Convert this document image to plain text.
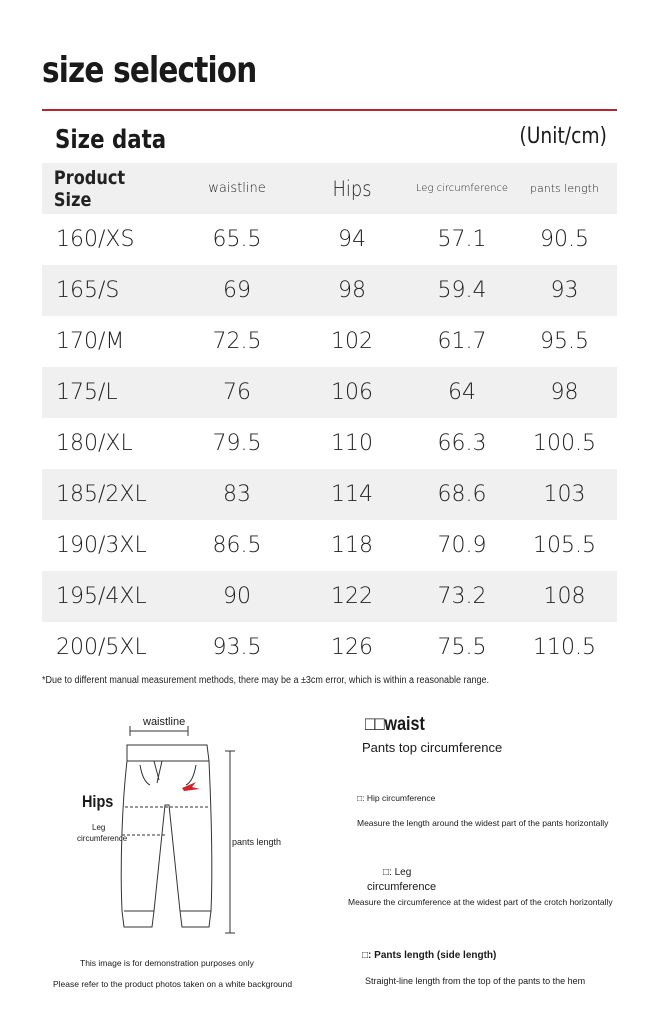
size selection
Size data	(Unit/cm)
Product Size	waistline	Hips	Leg circumference	pants length
160/XS	65.5	94	57.1	90.5
165/S	69	98	59.4	93
170/M	72.5	102	61.7	95.5
175/L	76	106	64	98
180/XL	79.5	110	66.3	100.5
185/2XL	83	114	68.6	103
190/3XL	86.5	118	70.9	105.5
195/4XL	90	122	73.2	108
200/5XL	93.5	126	75.5	110.5
*Due to different manual measurement methods, there may be a ±3cm error, which is within a reasonable range.
waistline
Hips
Leg
circumference	pants length
This image is for demonstration purposes only
Please refer to the product photos taken on a white background
□□waist
Pants top circumference
□: Hip circumference
Measure the length around the widest part of the pants horizontally
□: Leg
circumference
Measure the circumference at the widest part of the crotch horizontally
□: Pants length (side length)
Straight-line length from the top of the pants to the hem
